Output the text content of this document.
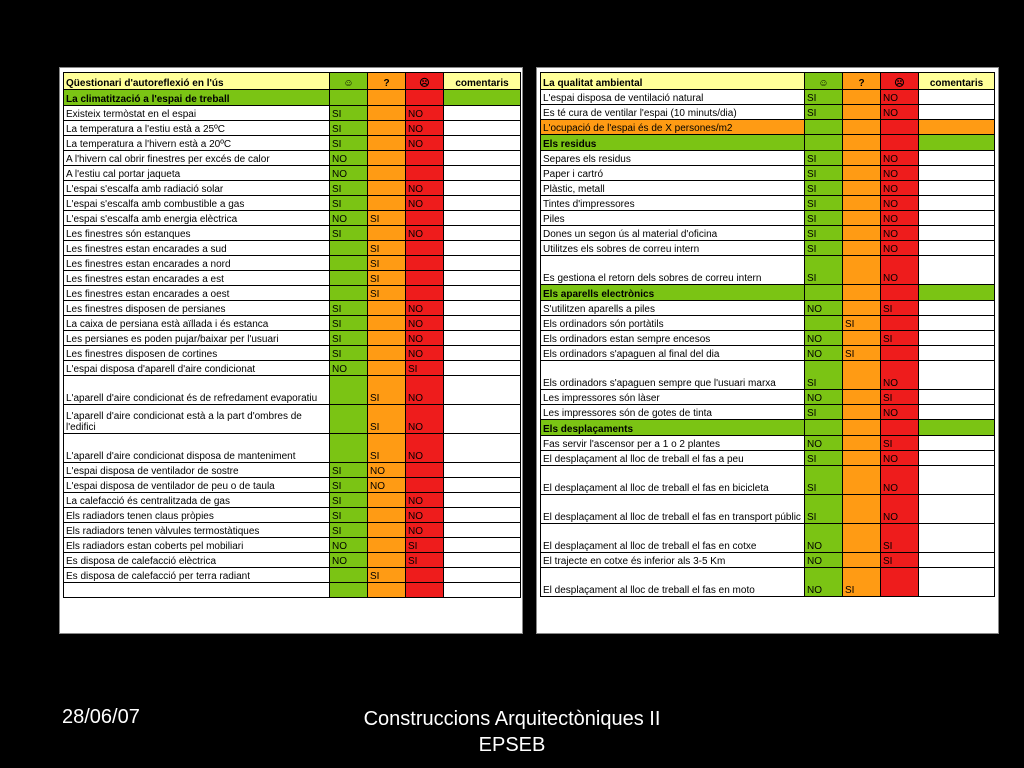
Qüestionari d'autoreflexió en l'ús	☺	?	☹	comentaris
La climatització a l'espai de treball				
Existeix termòstat en el espai	SI		NO	
La temperatura a l'estiu està a 25ºC	SI		NO	
La temperatura a l'hivern està a 20ºC	SI		NO	
A l'hivern cal obrir finestres per excés de calor	NO			
A l'estiu cal portar jaqueta	NO			
L'espai s'escalfa amb radiació solar	SI		NO	
L'espai s'escalfa amb combustible a gas	SI		NO	
L'espai s'escalfa amb energia elèctrica	NO	SI		
Les finestres són estanques	SI		NO	
Les finestres estan encarades a sud		SI		
Les finestres estan encarades a nord		SI		
Les finestres estan encarades a est		SI		
Les finestres estan encarades a oest		SI		
Les finestres disposen de persianes	SI		NO	
La caixa de persiana està aïllada i és estanca	SI		NO	
Les persianes es poden pujar/baixar per l'usuari	SI		NO	
Les finestres disposen de cortines	SI		NO	
L'espai disposa d'aparell d'aire condicionat	NO		SI	
L'aparell d'aire condicionat és de refredament evaporatiu		SI	NO	
L'aparell d'aire condicionat està a la part d'ombres de l'edifici		SI	NO	
L'aparell d'aire condicionat disposa de manteniment		SI	NO	
L'espai disposa de ventilador de sostre	SI	NO		
L'espai disposa de ventilador de peu o de taula	SI	NO		
La calefacció és centralitzada de gas	SI		NO	
Els radiadors tenen claus pròpies	SI		NO	
Els radiadors tenen vàlvules termostàtiques	SI		NO	
Els radiadors estan coberts pel mobiliari	NO		SI	
Es disposa de calefacció elèctrica	NO		SI	
Es disposa de calefacció per terra radiant		SI		

La qualitat ambiental	☺	?	☹	comentaris
L'espai disposa de ventilació natural	SI		NO	
Es té cura de ventilar l'espai (10 minuts/dia)	SI		NO	
L'ocupació de l'espai és de X persones/m2				
Els residus				
Separes els residus	SI		NO	
Paper i cartró	SI		NO	
Plàstic, metall	SI		NO	
Tintes d'impressores	SI		NO	
Piles	SI		NO	
Dones un segon ús al material d'oficina	SI		NO	
Utilitzes els sobres de correu intern	SI		NO	
Es gestiona el retorn dels sobres de correu intern	SI		NO	
Els aparells electrònics				
S'utilitzen aparells a piles	NO		SI	
Els ordinadors són portàtils		SI		
Els ordinadors estan sempre encesos	NO		SI	
Els ordinadors s'apaguen al final del dia	NO	SI		
Els ordinadors s'apaguen sempre que l'usuari marxa	SI		NO	
Les impressores són làser	NO		SI	
Les impressores són de gotes de tinta	SI		NO	
Els desplaçaments				
Fas servir l'ascensor per a 1 o 2 plantes	NO		SI	
El desplaçament al lloc de treball el fas a peu	SI		NO	
El desplaçament al lloc de treball el fas en bicicleta	SI		NO	
El desplaçament al lloc de treball el fas en transport públic	SI		NO	
El desplaçament al lloc de treball el fas en cotxe	NO		SI	
El trajecte en cotxe és inferior als 3-5 Km	NO		SI	
El desplaçament al lloc de treball el fas en moto	NO	SI		
28/06/07	Construccions Arquitectòniques II
EPSEB
